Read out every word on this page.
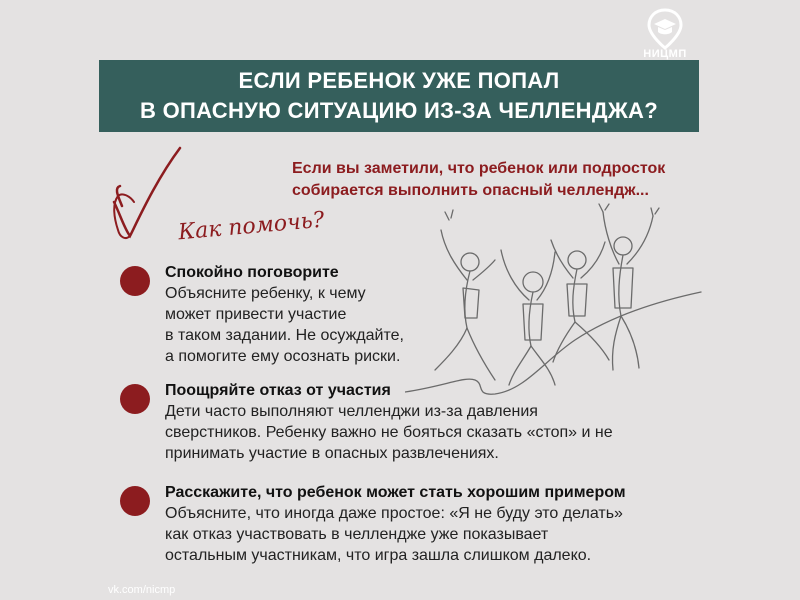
НИЦМП
ЕСЛИ РЕБЕНОК УЖЕ ПОПАЛ
В ОПАСНУЮ СИТУАЦИЮ ИЗ-ЗА ЧЕЛЛЕНДЖА?
Если вы заметили, что ребенок или подросток
собирается выполнить опасный челлендж...
Как помочь?
Спокойно поговорите
Объясните ребенку, к чему
может привести участие
в таком задании. Не осуждайте,
а помогите ему осознать риски.
Поощряйте отказ от участия
Дети часто выполняют челленджи из-за давления
сверстников. Ребенку важно не бояться сказать «стоп» и не
принимать участие в опасных развлечениях.
Расскажите, что ребенок может стать хорошим примером
Объясните, что иногда даже простое: «Я не буду это делать»
как отказ участвовать в челлендже уже показывает
остальным участникам, что игра зашла слишком далеко.
vk.com/nicmp
